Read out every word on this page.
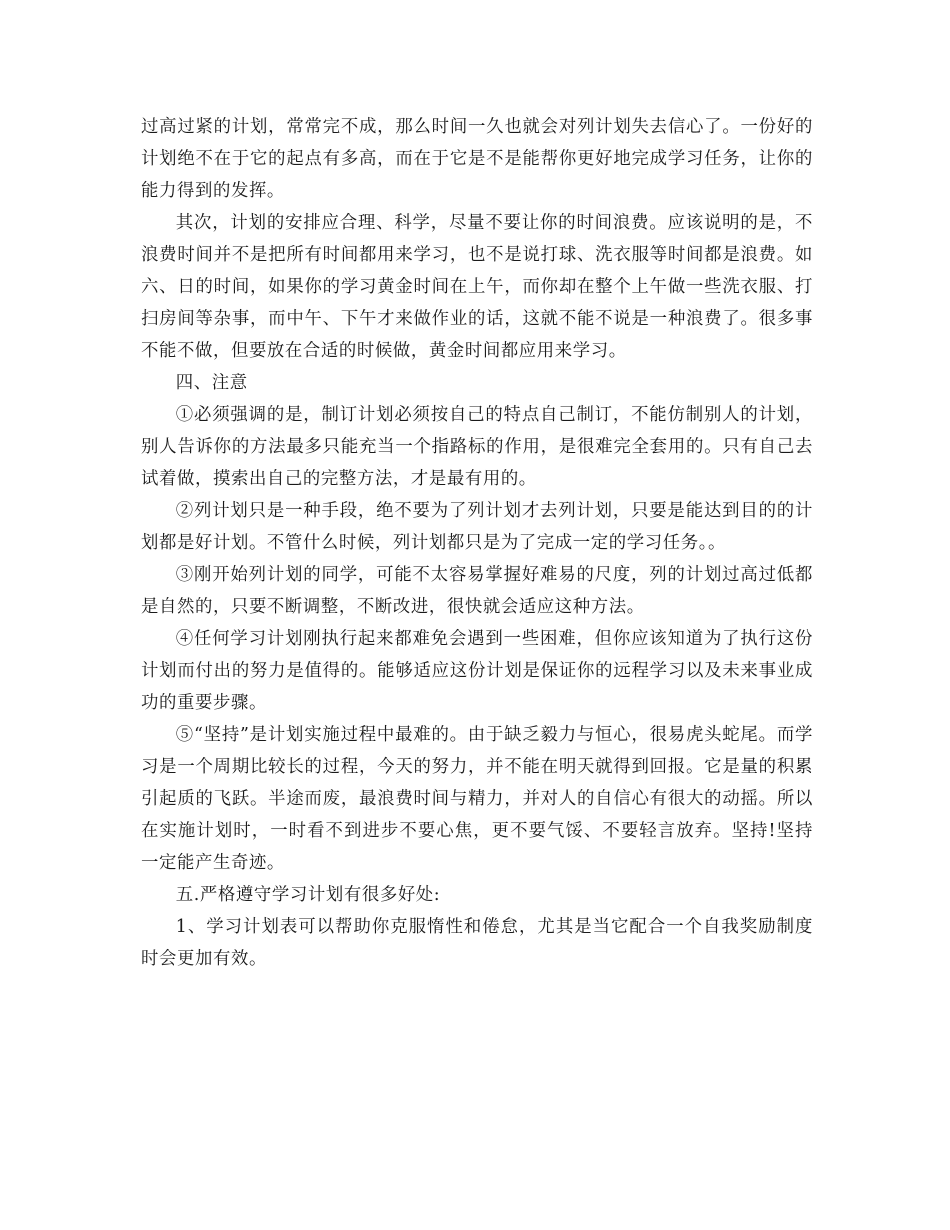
过高过紧的计划，常常完不成，那么时间一久也就会对列计划失去信心了。一份好的计划绝不在于它的起点有多高，而在于它是不是能帮你更好地完成学习任务，让你的能力得到的发挥。

其次，计划的安排应合理、科学，尽量不要让你的时间浪费。应该说明的是，不浪费时间并不是把所有时间都用来学习，也不是说打球、洗衣服等时间都是浪费。如六、日的时间，如果你的学习黄金时间在上午，而你却在整个上午做一些洗衣服、打扫房间等杂事，而中午、下午才来做作业的话，这就不能不说是一种浪费了。很多事不能不做，但要放在合适的时候做，黄金时间都应用来学习。

四、注意

①必须强调的是，制订计划必须按自己的特点自己制订，不能仿制别人的计划，别人告诉你的方法最多只能充当一个指路标的作用，是很难完全套用的。只有自己去试着做，摸索出自己的完整方法，才是最有用的。

②列计划只是一种手段，绝不要为了列计划才去列计划，只要是能达到目的的计划都是好计划。不管什么时候，列计划都只是为了完成一定的学习任务。。

③刚开始列计划的同学，可能不太容易掌握好难易的尺度，列的计划过高过低都是自然的，只要不断调整，不断改进，很快就会适应这种方法。

④任何学习计划刚执行起来都难免会遇到一些困难，但你应该知道为了执行这份计划而付出的努力是值得的。能够适应这份计划是保证你的远程学习以及未来事业成功的重要步骤。

⑤“坚持”是计划实施过程中最难的。由于缺乏毅力与恒心，很易虎头蛇尾。而学习是一个周期比较长的过程，今天的努力，并不能在明天就得到回报。它是量的积累引起质的飞跃。半途而废，最浪费时间与精力，并对人的自信心有很大的动摇。所以在实施计划时，一时看不到进步不要心焦，更不要气馁、不要轻言放弃。坚持!坚持一定能产生奇迹。

五.严格遵守学习计划有很多好处:

1、学习计划表可以帮助你克服惰性和倦怠，尤其是当它配合一个自我奖励制度时会更加有效。
